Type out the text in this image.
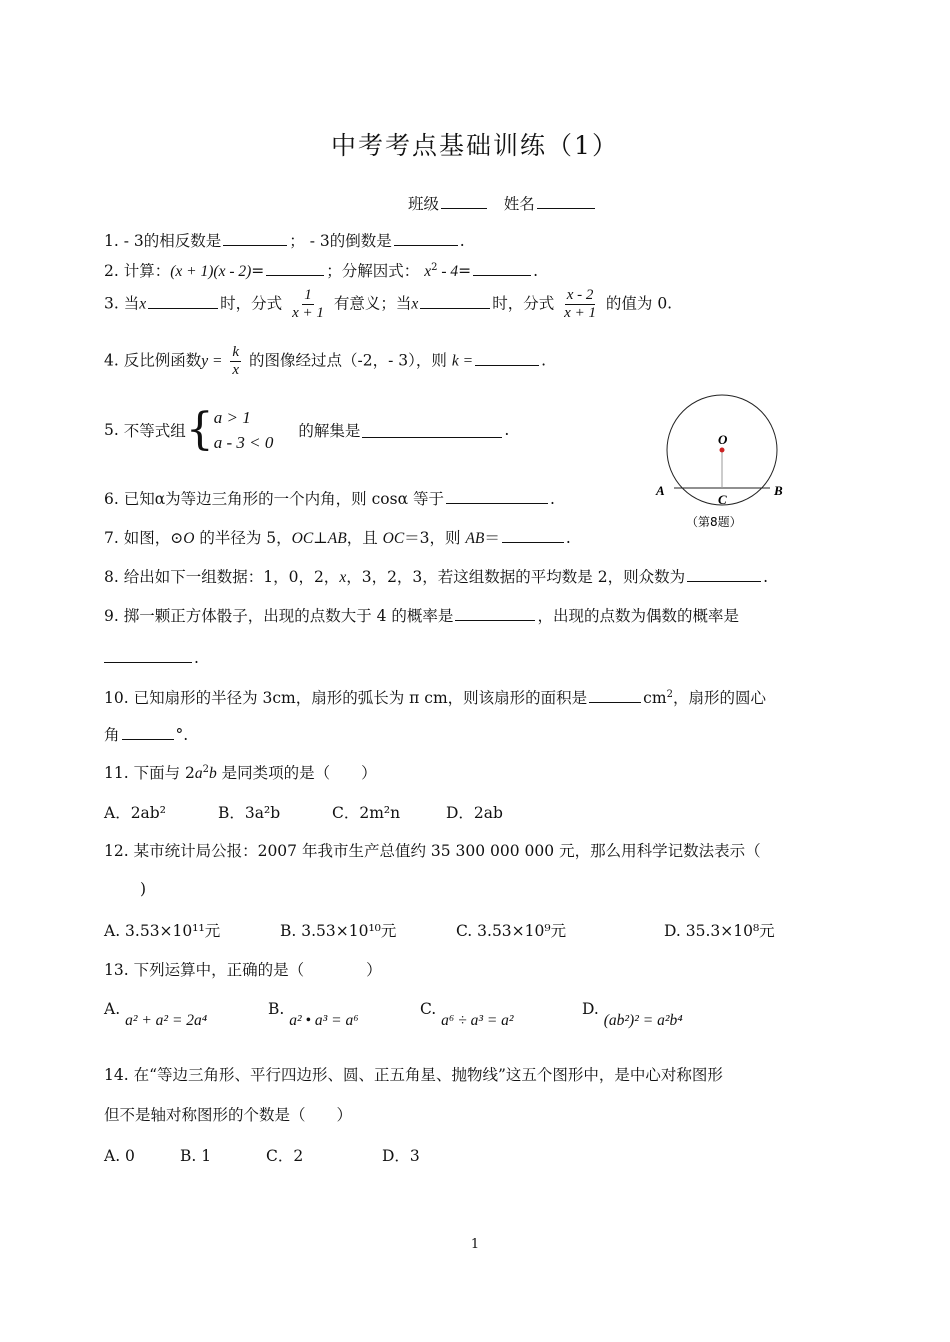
中考考点基础训练（1）
班级	姓名
1. - 3的相反数是	； - 3的倒数是	.
2. 计算：(x + 1)(x - 2)=	；分解因式： $x^2 - 4=$	.
3. 当x	时，分式 $\frac{1}{x + 1}$ 有意义；当x	时，分式 $\frac{x - 2}{x + 1}$ 的值为 0.
4. 反比例函数$y = \frac{k}{x}$ 的图像经过点（-2，- 3），则 k =	.
5. 不等式组{ a > 1
a - 3 < 0
的解集是	.
6. 已知α为等边三角形的一个内角，则 cosα 等于	.
7. 如图，⊙O 的半径为 5，OC⊥AB，且 OC＝3，则 AB＝	.
8. 给出如下一组数据：1，0，2，x，3，2，3，若这组数据的平均数是 2，则众数为	.
9. 掷一颗正方体骰子，出现的点数大于 4 的概率是	，出现的点数为偶数的概率是
.
10. 已知扇形的半径为 3cm，扇形的弧长为 π cm，则该扇形的面积是	$cm^2$，扇形的圆心
角	°.
11. 下面与 $2a^2b$ 是同类项的是（　　）
A．2ab²	B．3a²b	C．2m²n	D．2ab
12. 某市统计局公报：2007 年我市生产总值约 35 300 000 000 元，那么用科学记数法表示（
)
A. 3.53×10¹¹元	B. 3.53×10¹⁰元	C. 3.53×10⁹元	D. 35.3×10⁸元
13. 下列运算中，正确的是（　　　　）
A. a² + a² = 2a⁴B. a² • a³ = a⁶C. a⁶ ÷ a³ = a²D. (ab²)² = a²b⁴
14. 在“等边三角形、平行四边形、圆、正五角星、抛物线”这五个图形中，是中心对称图形
但不是轴对称图形的个数是（　　）
A. 0	B. 1	C．2	D．3
O
A	B
C
（第8题）
1
